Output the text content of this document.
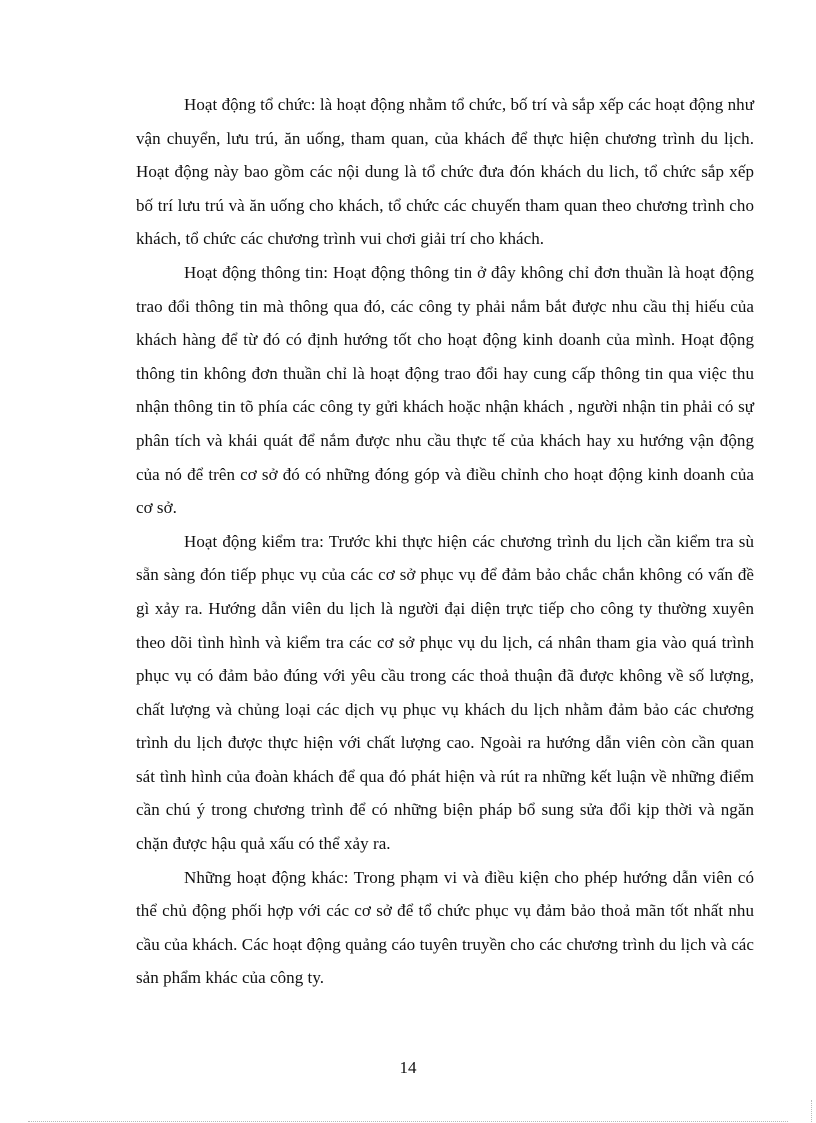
Hoạt động tổ chức: là hoạt động nhằm tổ chức, bố trí và sắp xếp các hoạt động như vận chuyển, lưu trú, ăn uống, tham quan, của khách để thực hiện chương trình du lịch. Hoạt động này bao gồm các nội dung là tổ chức đưa đón khách du lich, tổ chức sắp xếp bố trí lưu trú và ăn uống cho khách, tổ chức các chuyến tham quan theo chương trình cho khách, tổ chức các chương trình vui chơi giải trí cho khách.

Hoạt động thông tin: Hoạt động thông tin ở đây không chỉ đơn thuần là hoạt động trao đổi thông tin mà thông qua đó, các công ty phải nắm bắt được nhu cầu thị hiếu của khách hàng để từ đó có định hướng tốt cho hoạt động kinh doanh của mình. Hoạt động thông tin không đơn thuần chỉ là hoạt động trao đổi hay cung cấp thông tin qua việc thu nhận thông tin tõ phía các công ty gửi khách hoặc nhận khách , người nhận tin phải có sự phân tích và khái quát để nắm được nhu cầu thực tế của khách hay xu hướng vận động của nó để trên cơ sở đó có những đóng góp và điều chỉnh cho hoạt động kinh doanh của cơ sở.

Hoạt động kiểm tra: Trước khi thực hiện các chương trình du lịch cần kiểm tra sù sẵn sàng đón tiếp phục vụ của các cơ sở phục vụ để đảm bảo chắc chắn không có vấn đề gì xảy ra. Hướng dẫn viên du lịch là người đại diện trực tiếp cho công ty thường xuyên theo dõi tình hình và kiểm tra các cơ sở phục vụ du lịch, cá nhân tham gia vào quá trình phục vụ có đảm bảo đúng với yêu cầu trong các thoả thuận đã được không về số lượng, chất lượng và chủng loại các dịch vụ phục vụ khách du lịch nhằm đảm bảo các chương trình du lịch được thực hiện với chất lượng cao. Ngoài ra hướng dẫn viên còn cần quan sát tình hình của đoàn khách để qua đó phát hiện và rút ra những kết luận về những điểm cần chú ý trong chương trình để có những biện pháp bổ sung sửa đổi kịp thời và ngăn chặn được hậu quả xấu có thể xảy ra.

Những hoạt động khác: Trong phạm vi và điều kiện cho phép hướng dẫn viên có thể chủ động phối hợp với các cơ sở để tổ chức phục vụ đảm bảo thoả mãn tốt nhất nhu cầu của khách. Các hoạt động quảng cáo tuyên truyền cho các chương trình du lịch và các sản phẩm khác của công ty.

14
